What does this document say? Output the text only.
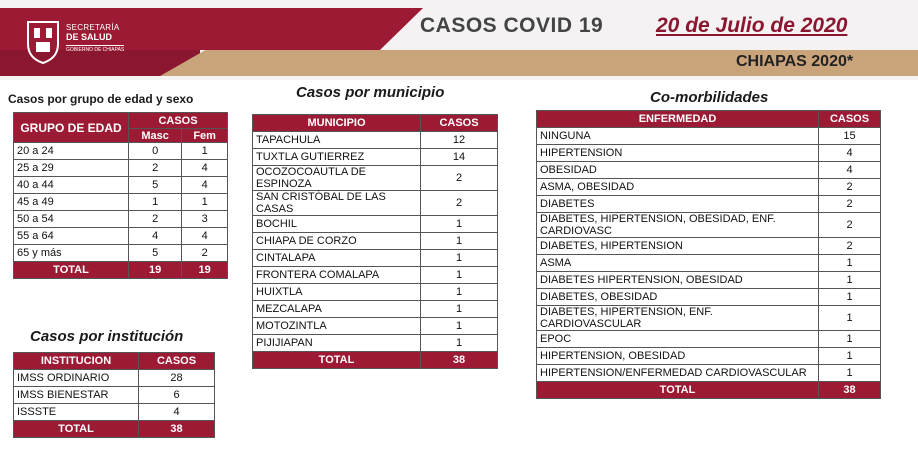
SECRETARÍA
DE SALUD
GOBIERNO DE CHIAPAS
CASOS COVID 19	20 de Julio de 2020
CHIAPAS 2020*
Casos por grupo de edad y sexo
GRUPO DE EDAD	CASOS	
	Masc	Fem
20 a 24	0	1
25 a 29	2	4
40 a 44	5	4
45 a 49	1	1
50 a 54	2	3
55 a 64	4	4
65 y más	5	2
TOTAL	19	19
Casos por institución
INSTITUCION	CASOS
IMSS ORDINARIO	28
IMSS BIENESTAR	6
ISSSTE	4
TOTAL	38
Casos por municipio
MUNICIPIO	CASOS
TAPACHULA	12
TUXTLA GUTIERREZ	14
OCOZOCOAUTLA DE ESPINOZA	2
SAN CRISTÓBAL DE LAS CASAS	2
BOCHIL	1
CHIAPA DE CORZO	1
CINTALAPA	1
FRONTERA COMALAPA	1
HUIXTLA	1
MEZCALAPA	1
MOTOZINTLA	1
PIJIJIAPAN	1
TOTAL	38
Co-morbilidades
ENFERMEDAD	CASOS
NINGUNA	15
HIPERTENSION	4
OBESIDAD	4
ASMA, OBESIDAD	2
DIABETES	2
DIABETES, HIPERTENSION, OBESIDAD, ENF. CARDIOVASC	2
DIABETES, HIPERTENSION	2
ASMA	1
DIABETES HIPERTENSION, OBESIDAD	1
DIABETES, OBESIDAD	1
DIABETES, HIPERTENSION, ENF. CARDIOVASCULAR	1
EPOC	1
HIPERTENSION, OBESIDAD	1
HIPERTENSION/ENFERMEDAD CARDIOVASCULAR	1
TOTAL	38
